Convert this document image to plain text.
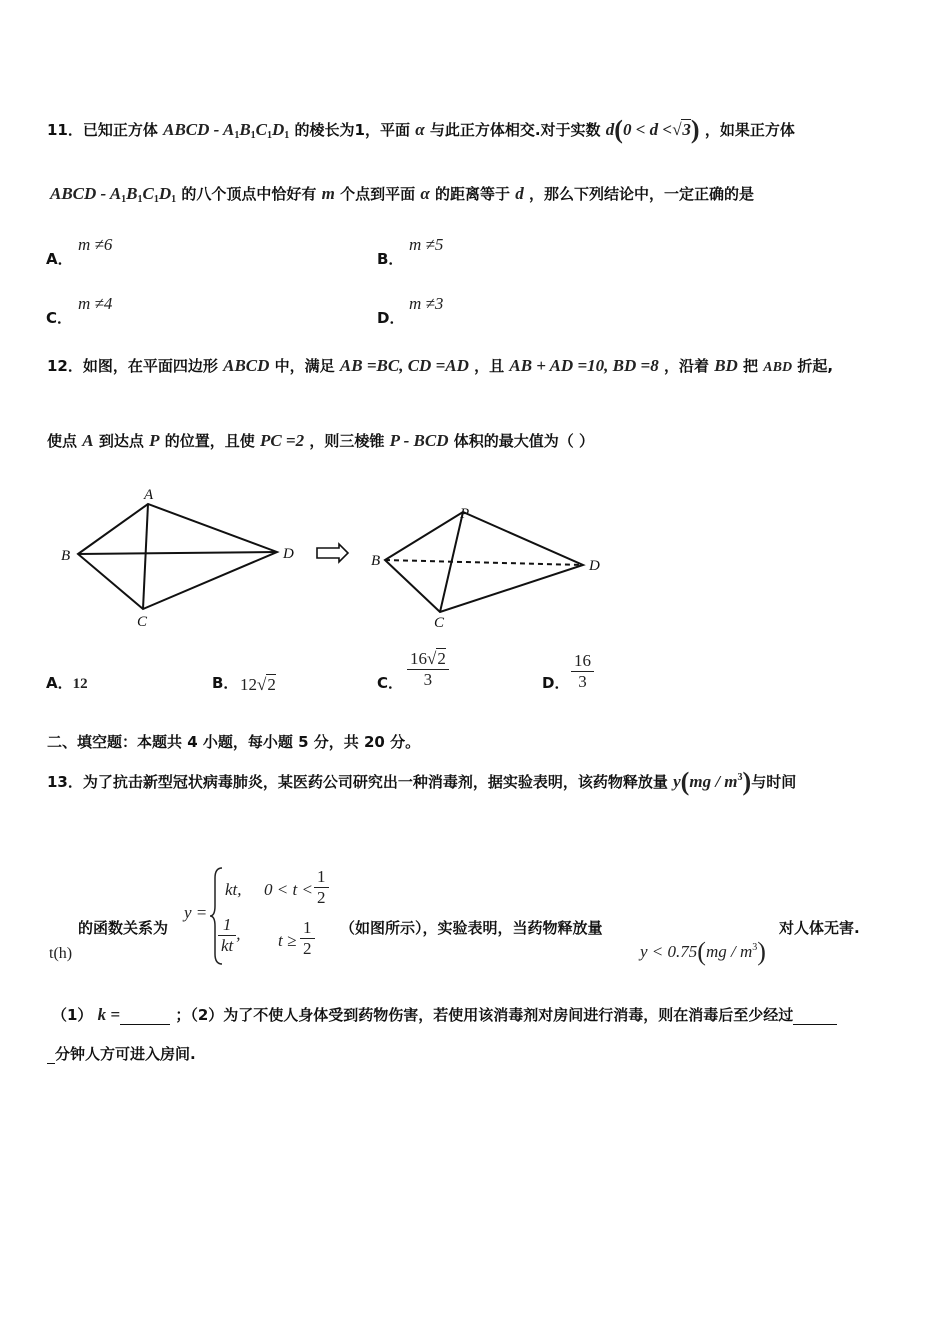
11．已知正方体 ABCD - $A_1B_1C_1D_1$ 的棱长为1，平面 α 与此正方体相交.对于实数 d(0 < d <√3) ，如果正方体
ABCD - $A_1B_1C_1D_1$ 的八个顶点中恰好有 m 个点到平面 α 的距离等于 d ，那么下列结论中，一定正确的是
A．
m ≠6
B．
m ≠5
C．
m ≠4
D．
m ≠3
12．如图，在平面四边形 ABCD 中，满足 AB =BC, CD =AD ，且 AB + AD =10, BD =8 ，沿着 BD 把 ABD 折起,
使点 A 到达点 P 的位置，且使 PC =2 ，则三棱锥 P - BCD 体积的最大值为（ ）
A
B	D
C
P
B	D
C
A．12	B． 12√2	C． $\frac{16√2}{3}$	D． $\frac{16}{3}$
二、填空题：本题共 4 小题，每小题 5 分，共 20 分。
13．为了抗击新型冠状病毒肺炎，某医药公司研究出一种消毒剂，据实验表明，该药物释放量 $y(mg / m^3)$与时间
的函数关系为
t(h)
y =
kt, $0 < t < \frac{1}{2}$
$\frac{1}{kt}$ , $t \ge \frac{1}{2}$ （如图所示），实验表明，当药物释放量
$y < 0.75(mg / m^3)$
对人体无害.
（1） k =	；（2）为了不使人身体受到药物伤害，若使用该消毒剂对房间进行消毒，则在消毒后至少经过
分钟人方可进入房间.
